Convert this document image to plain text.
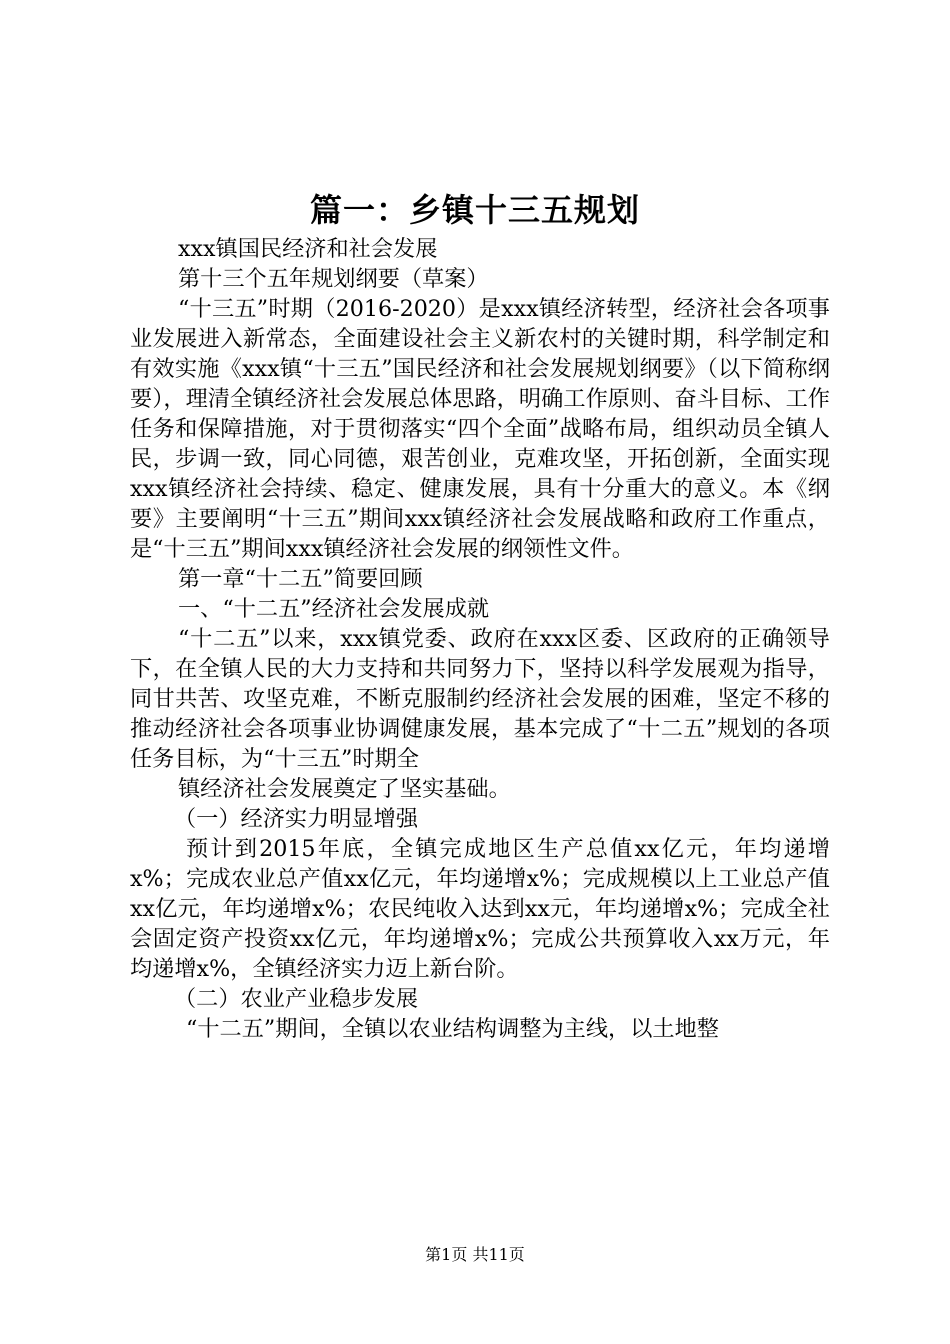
篇一：乡镇十三五规划

xxx镇国民经济和社会发展

第十三个五年规划纲要（草案）

“十三五”时期（2016-2020）是xxx镇经济转型，经济社会各项事业发展进入新常态，全面建设社会主义新农村的关键时期，科学制定和有效实施《xxx镇“十三五”国民经济和社会发展规划纲要》（以下简称纲要），理清全镇经济社会发展总体思路，明确工作原则、奋斗目标、工作任务和保障措施，对于贯彻落实“四个全面”战略布局，组织动员全镇人民，步调一致，同心同德，艰苦创业，克难攻坚，开拓创新，全面实现xxx镇经济社会持续、稳定、健康发展，具有十分重大的意义。本《纲要》主要阐明“十三五”期间xxx镇经济社会发展战略和政府工作重点，是“十三五”期间xxx镇经济社会发展的纲领性文件。

第一章“十二五”简要回顾

一、“十二五”经济社会发展成就

“十二五”以来，xxx镇党委、政府在xxx区委、区政府的正确领导下，在全镇人民的大力支持和共同努力下，坚持以科学发展观为指导，同甘共苦、攻坚克难，不断克服制约经济社会发展的困难，坚定不移的推动经济社会各项事业协调健康发展，基本完成了“十二五”规划的各项任务目标，为“十三五”时期全

镇经济社会发展奠定了坚实基础。

（一）经济实力明显增强

预计到2015年底，全镇完成地区生产总值xx亿元，年均递增x%；完成农业总产值xx亿元，年均递增x%；完成规模以上工业总产值xx亿元，年均递增x%；农民纯收入达到xx元，年均递增x%；完成全社会固定资产投资xx亿元，年均递增x%；完成公共预算收入xx万元，年均递增x%，全镇经济实力迈上新台阶。

（二）农业产业稳步发展

“十二五”期间，全镇以农业结构调整为主线，以土地整

第1页 共11页
